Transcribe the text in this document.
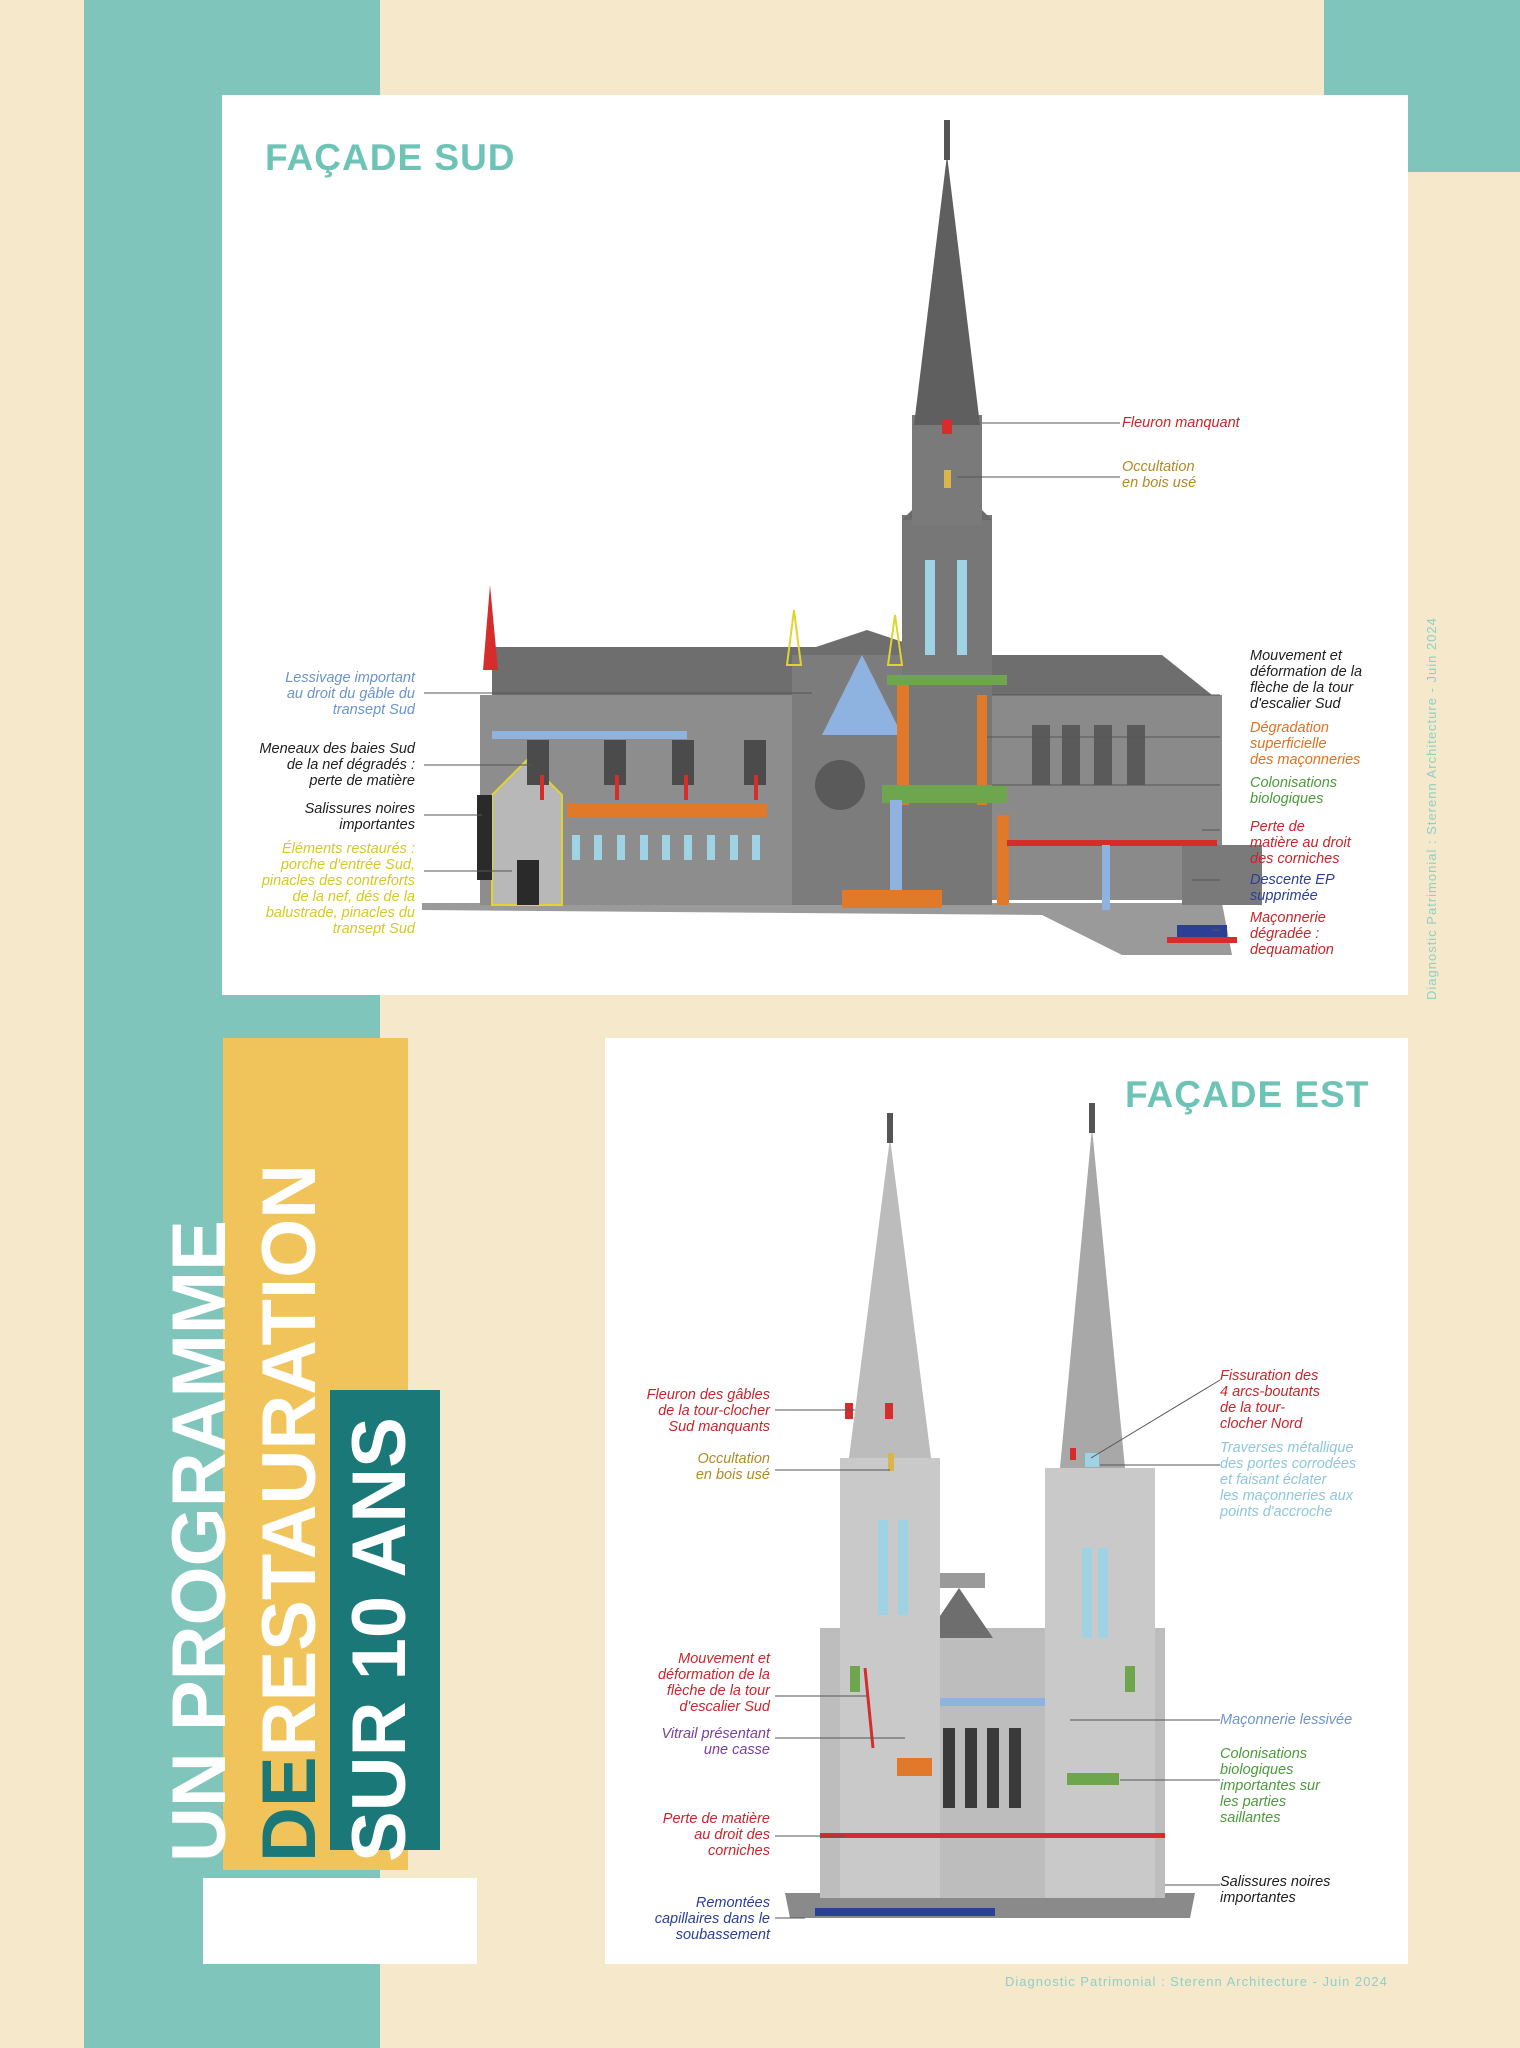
FAÇADE SUD
Lessivage important
au droit du gâble du
transept Sud
Meneaux des baies Sud
de la nef dégradés :
perte de matière
Salissures noires
importantes
Éléments restaurés :
porche d'entrée Sud,
pinacles des contreforts
de la nef, dés de la
balustrade, pinacles du
transept Sud
Fleuron manquant
Occultation
en bois usé
Mouvement et
déformation de la
flèche de la tour
d'escalier Sud
Dégradation
superficielle
des maçonneries
Colonisations
biologiques
Perte de
matière au droit
des corniches
Descente EP
supprimée
Maçonnerie
dégradée :
dequamation	Diagnostic Patrimonial : Sterenn Architecture - Juin 2024
UN PROGRAMME DERESTAURATION SUR 10 ANS
FAÇADE EST
Fleuron des gâbles
de la tour-clocher
Sud manquants
Occultation
en bois usé
Mouvement et
déformation de la
flèche de la tour
d'escalier Sud
Vitrail présentant
une casse
Perte de matière
au droit des
corniches
Remontées
capillaires dans le
soubassement
Fissuration des
4 arcs-boutants
de la tour-
clocher Nord
Traverses métallique
des portes corrodées
et faisant éclater
les maçonneries aux
points d'accroche
Maçonnerie lessivée
Colonisations
biologiques
importantes sur
les parties
saillantes
Salissures noires
importantes
Diagnostic Patrimonial : Sterenn Architecture - Juin 2024
